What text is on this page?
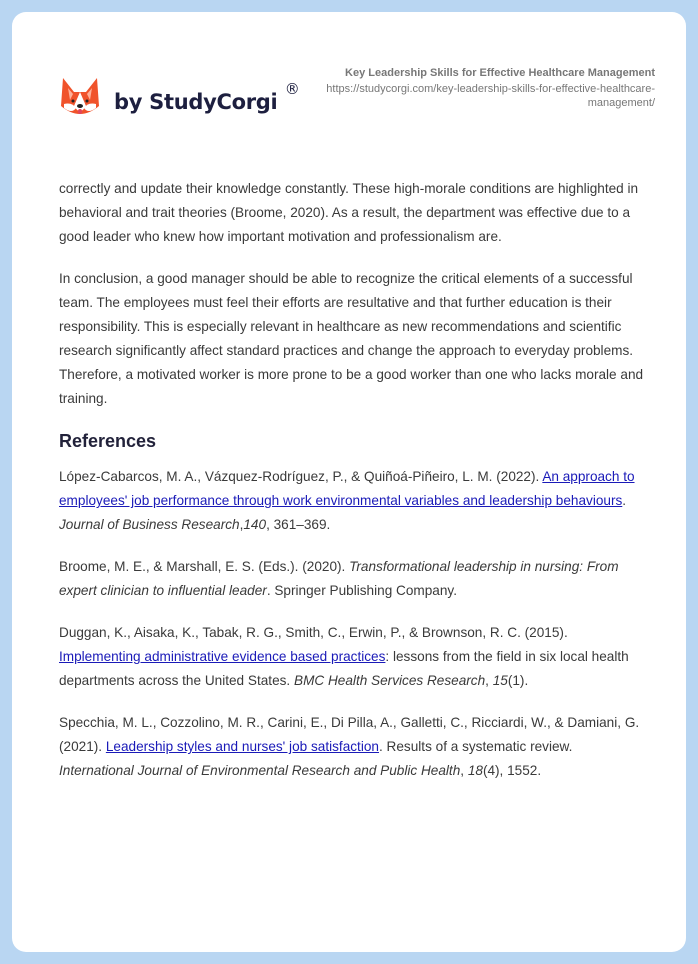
by StudyCorgi
®
Key Leadership Skills for Effective Healthcare Management
https://studycorgi.com/key-leadership-skills-for-effective-healthcare-management/

correctly and update their knowledge constantly. These high-morale conditions are highlighted in behavioral and trait theories (Broome, 2020). As a result, the department was effective due to a good leader who knew how important motivation and professionalism are.

In conclusion, a good manager should be able to recognize the critical elements of a successful team. The employees must feel their efforts are resultative and that further education is their responsibility. This is especially relevant in healthcare as new recommendations and scientific research significantly affect standard practices and change the approach to everyday problems. Therefore, a motivated worker is more prone to be a good worker than one who lacks morale and training.

References
López-Cabarcos, M. A., Vázquez-Rodríguez, P., & Quiñoá-Piñeiro, L. M. (2022). An approach to employees' job performance through work environmental variables and leadership behaviours. Journal of Business Research,140, 361–369.
Broome, M. E., & Marshall, E. S. (Eds.). (2020). Transformational leadership in nursing: From expert clinician to influential leader. Springer Publishing Company.
Duggan, K., Aisaka, K., Tabak, R. G., Smith, C., Erwin, P., & Brownson, R. C. (2015). Implementing administrative evidence based practices: lessons from the field in six local health departments across the United States. BMC Health Services Research, 15(1).
Specchia, M. L., Cozzolino, M. R., Carini, E., Di Pilla, A., Galletti, C., Ricciardi, W., & Damiani, G. (2021). Leadership styles and nurses' job satisfaction. Results of a systematic review. International Journal of Environmental Research and Public Health, 18(4), 1552.
